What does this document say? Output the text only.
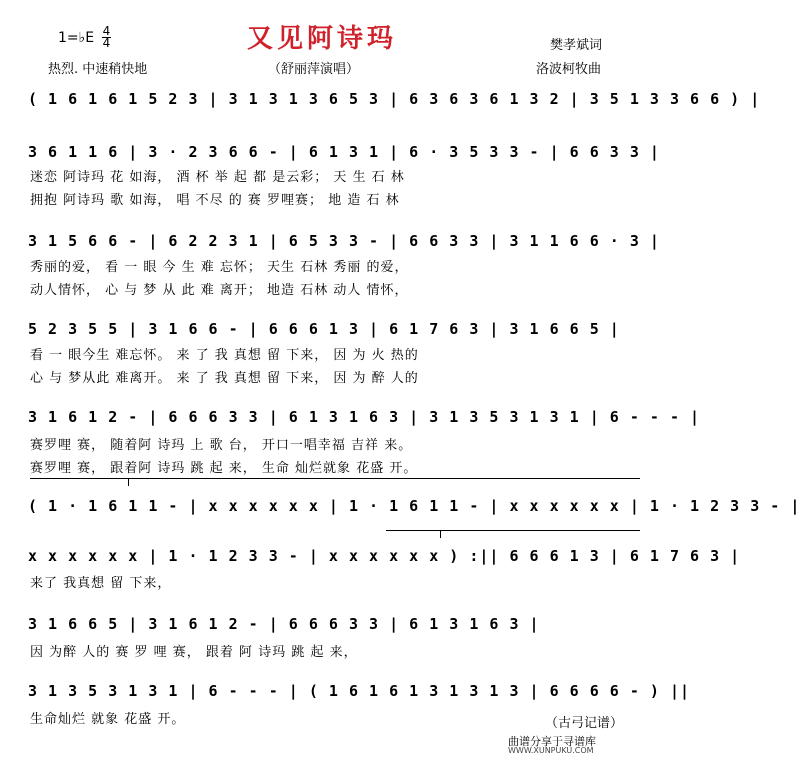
又见阿诗玛
1=♭E 4
4
热烈. 中速稍快地	（舒丽萍演唱）
樊孝斌词
洛波柯牧曲
( 1 6 1 6 1 5 2 3 | 3 1 3 1 3 6 5 3 | 6 3 6 3 6 1 3 2 | 3 5 1 3 3 6 6 ) |
3 6 1 1 6 | 3 · 2 3 6 6 - | 6 1 3 1 | 6 · 3 5 3 3 - | 6 6 3 3 |
迷恋 阿诗玛 花 如海， 酒 杯 举 起 都 是云彩； 天 生 石 林
拥抱 阿诗玛 歌 如海， 唱 不尽 的 赛 罗哩赛； 地 造 石 林
3 1 5 6 6 - | 6 2 2 3 1 | 6 5 3 3 - | 6 6 3 3 | 3 1 1 6 6 · 3 |
秀丽的爱， 看 一 眼 今 生 难 忘怀； 天生 石林 秀丽 的爱，
动人情怀， 心 与 梦 从 此 难 离开； 地造 石林 动人 情怀，
5 2 3 5 5 | 3 1 6 6 - | 6 6 6 1 3 | 6 1 7 6 3 | 3 1 6 6 5 |
看 一 眼今生 难忘怀。 来 了 我 真想 留 下来， 因 为 火 热的
心 与 梦从此 难离开。 来 了 我 真想 留 下来， 因 为 醉 人的
3 1 6 1 2 - | 6 6 6 3 3 | 6 1 3 1 6 3 | 3 1 3 5 3 1 3 1 | 6 - - - |
赛罗哩 赛， 随着阿 诗玛 上 歌 台， 开口一唱幸福 吉祥 来。
赛罗哩 赛， 跟着阿 诗玛 跳 起 来， 生命 灿烂就象 花盛 开。
( 1 · 1 6 1 1 - | x x x x x x | 1 · 1 6 1 1 - | x x x x x x | 1 · 1 2 3 3 - |
x x x x x x | 1 · 1 2 3 3 - | x x x x x x ) :|| 6 6 6 1 3 | 6 1 7 6 3 |
来了 我真想 留 下来，
3 1 6 6 5 | 3 1 6 1 2 - | 6 6 6 3 3 | 6 1 3 1 6 3 |
因 为醉 人的 赛 罗 哩 赛， 跟着 阿 诗玛 跳 起 来，
3 1 3 5 3 1 3 1 | 6 - - - | ( 1 6 1 6 1 3 1 3 1 3 | 6 6 6 6 - ) ||
生命灿烂 就象 花盛 开。	（古弓记谱）
曲谱分享于寻谱库
WWW.XUNPUKU.COM
